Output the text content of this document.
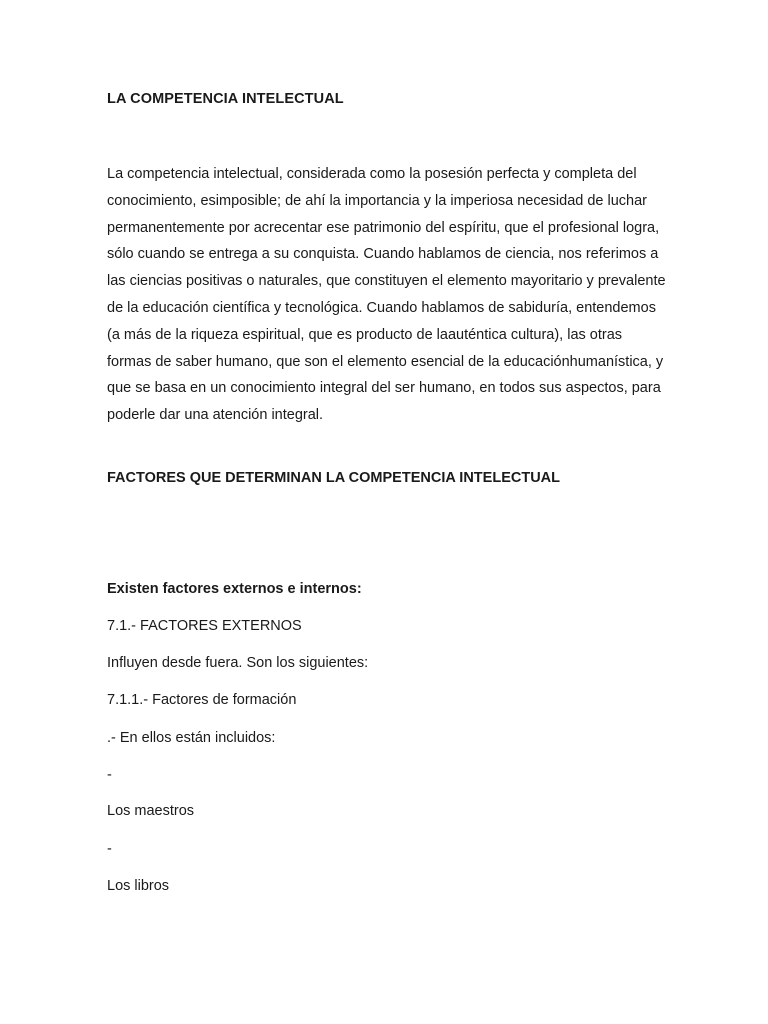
LA COMPETENCIA INTELECTUAL

La competencia intelectual, considerada como la posesión perfecta y completa del conocimiento, esimposible; de ahí la importancia y la imperiosa necesidad de luchar permanentemente por acrecentar ese patrimonio del espíritu, que el profesional logra, sólo cuando se entrega a su conquista. Cuando hablamos de ciencia, nos referimos a las ciencias positivas o naturales, que constituyen el elemento mayoritario y prevalente de la educación científica y tecnológica. Cuando hablamos de sabiduría, entendemos (a más de la riqueza espiritual, que es producto de laauténtica cultura), las otras formas de saber humano, que son el elemento esencial de la educaciónhumanística, y que se basa en un conocimiento integral del ser humano, en todos sus aspectos, para poderle dar una atención integral.

FACTORES QUE DETERMINAN LA COMPETENCIA INTELECTUAL

Existen factores externos e internos:

7.1.- FACTORES EXTERNOS

Influyen desde fuera. Son los siguientes:

7.1.1.- Factores de formación

.- En ellos están incluidos:

-

Los maestros

-

Los libros
